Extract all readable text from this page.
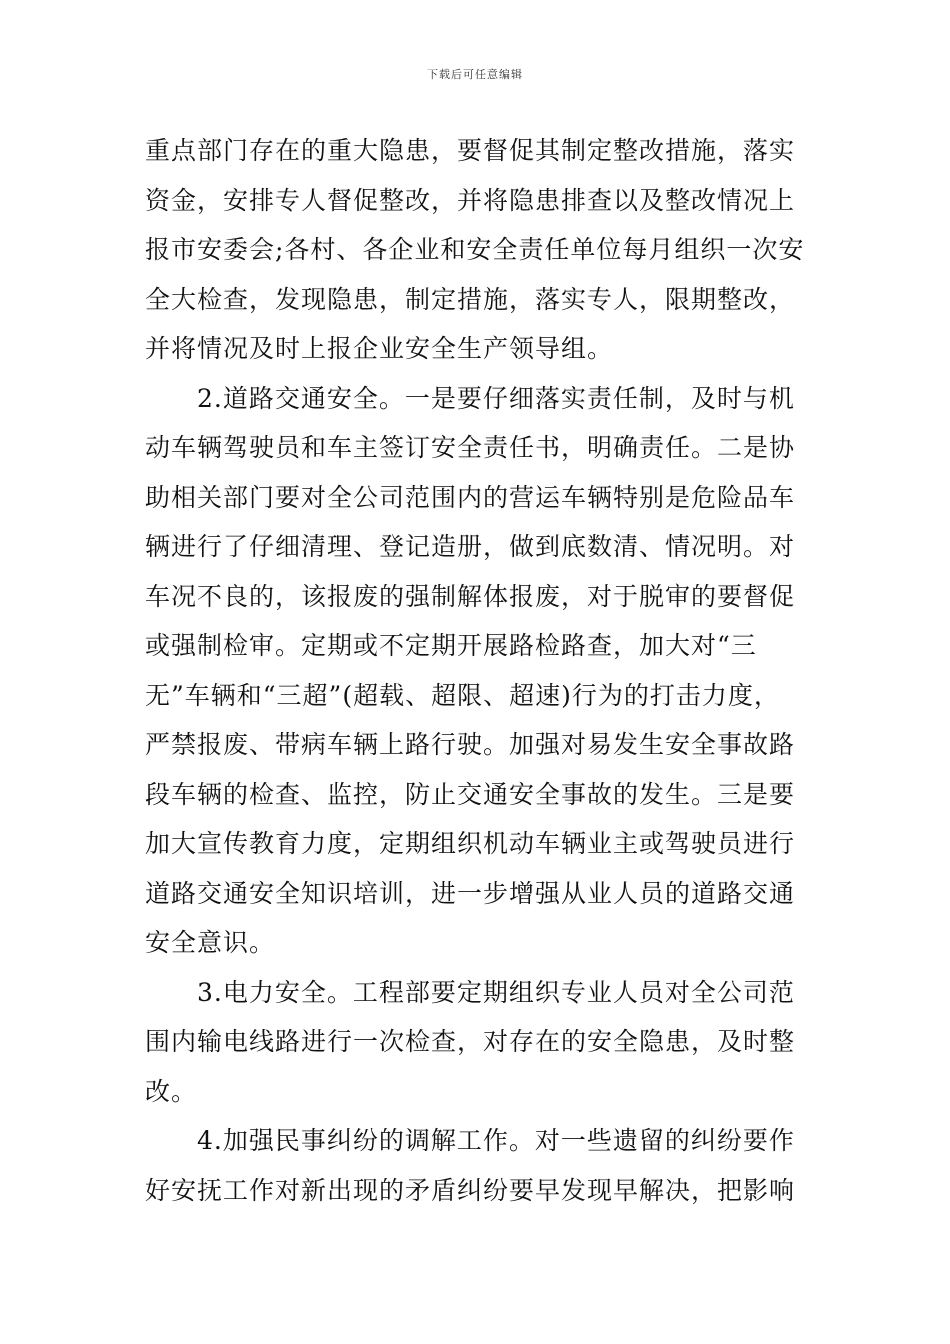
下载后可任意编辑
重点部门存在的重大隐患，要督促其制定整改措施，落实
资金，安排专人督促整改，并将隐患排查以及整改情况上
报市安委会;各村、各企业和安全责任单位每月组织一次安
全大检查，发现隐患，制定措施，落实专人，限期整改，
并将情况及时上报企业安全生产领导组。
2.道路交通安全。一是要仔细落实责任制，及时与机
动车辆驾驶员和车主签订安全责任书，明确责任。二是协
助相关部门要对全公司范围内的营运车辆特别是危险品车
辆进行了仔细清理、登记造册，做到底数清、情况明。对
车况不良的，该报废的强制解体报废，对于脱审的要督促
或强制检审。定期或不定期开展路检路查，加大对“三
无”车辆和“三超”(超载、超限、超速)行为的打击力度，
严禁报废、带病车辆上路行驶。加强对易发生安全事故路
段车辆的检查、监控，防止交通安全事故的发生。三是要
加大宣传教育力度，定期组织机动车辆业主或驾驶员进行
道路交通安全知识培训，进一步增强从业人员的道路交通
安全意识。
3.电力安全。工程部要定期组织专业人员对全公司范
围内输电线路进行一次检查，对存在的安全隐患，及时整
改。
4.加强民事纠纷的调解工作。对一些遗留的纠纷要作
好安抚工作对新出现的矛盾纠纷要早发现早解决，把影响
